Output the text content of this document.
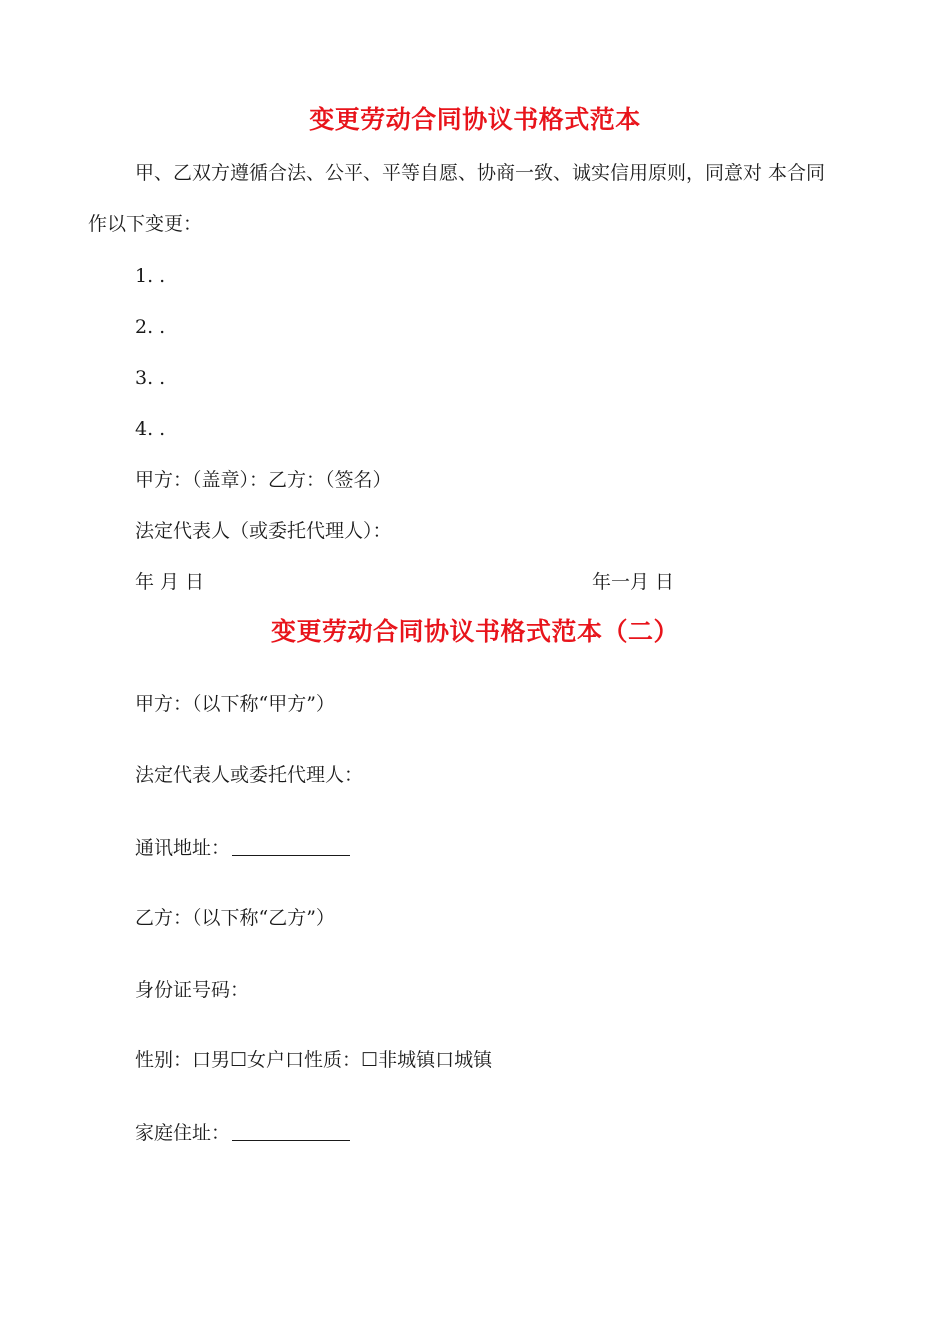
变更劳动合同协议书格式范本
甲、乙双方遵循合法、公平、平等自愿、协商一致、诚实信用原则，同意对 本合同
作以下变更：
1. .
2. .
3. .
4. .
甲方：（盖章）：乙方：（签名）
法定代表人（或委托代理人）：
年 月 日	年一月 日
变更劳动合同协议书格式范本（二）
甲方：（以下称“甲方”）
法定代表人或委托代理人：
通讯地址：
乙方：（以下称“乙方”）
身份证号码：
性别：口男☐女户口性质：☐非城镇口城镇
家庭住址：
